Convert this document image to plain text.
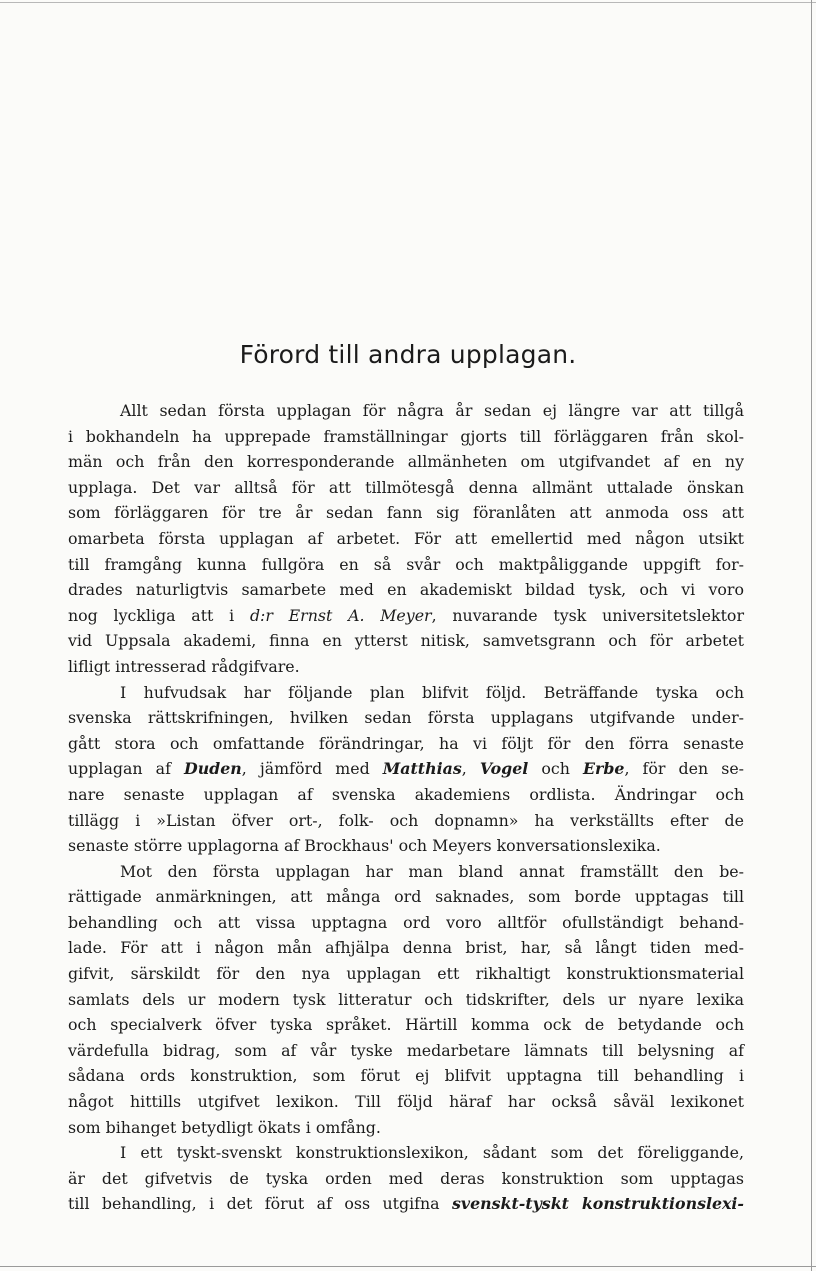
Förord till andra upplagan.
Allt sedan första upplagan för några år sedan ej längre var att tillgå
i bokhandeln ha upprepade framställningar gjorts till förläggaren från skol-
män och från den korresponderande allmänheten om utgifvandet af en ny
upplaga. Det var alltså för att tillmötesgå denna allmänt uttalade önskan
som förläggaren för tre år sedan fann sig föranlåten att anmoda oss att
omarbeta första upplagan af arbetet. För att emellertid med någon utsikt
till framgång kunna fullgöra en så svår och maktpåliggande uppgift for-
drades naturligtvis samarbete med en akademiskt bildad tysk, och vi voro
nog lyckliga att i d:r Ernst A. Meyer, nuvarande tysk universitetslektor
vid Uppsala akademi, finna en ytterst nitisk, samvetsgrann och för arbetet
lifligt intresserad rådgifvare.
I hufvudsak har följande plan blifvit följd. Beträffande tyska och
svenska rättskrifningen, hvilken sedan första upplagans utgifvande under-
gått stora och omfattande förändringar, ha vi följt för den förra senaste
upplagan af Duden, jämförd med Matthias, Vogel och Erbe, för den se-
nare senaste upplagan af svenska akademiens ordlista. Ändringar och
tillägg i »Listan öfver ort-, folk- och dopnamn» ha verkställts efter de
senaste större upplagorna af Brockhaus' och Meyers konversationslexika.
Mot den första upplagan har man bland annat framställt den be-
rättigade anmärkningen, att många ord saknades, som borde upptagas till
behandling och att vissa upptagna ord voro alltför ofullständigt behand-
lade. För att i någon mån afhjälpa denna brist, har, så långt tiden med-
gifvit, särskildt för den nya upplagan ett rikhaltigt konstruktionsmaterial
samlats dels ur modern tysk litteratur och tidskrifter, dels ur nyare lexika
och specialverk öfver tyska språket. Härtill komma ock de betydande och
värdefulla bidrag, som af vår tyske medarbetare lämnats till belysning af
sådana ords konstruktion, som förut ej blifvit upptagna till behandling i
något hittills utgifvet lexikon. Till följd häraf har också såväl lexikonet
som bihanget betydligt ökats i omfång.
I ett tyskt-svenskt konstruktionslexikon, sådant som det föreliggande,
är det gifvetvis de tyska orden med deras konstruktion som upptagas
till behandling, i det förut af oss utgifna svenskt-tyskt konstruktionslexi-
